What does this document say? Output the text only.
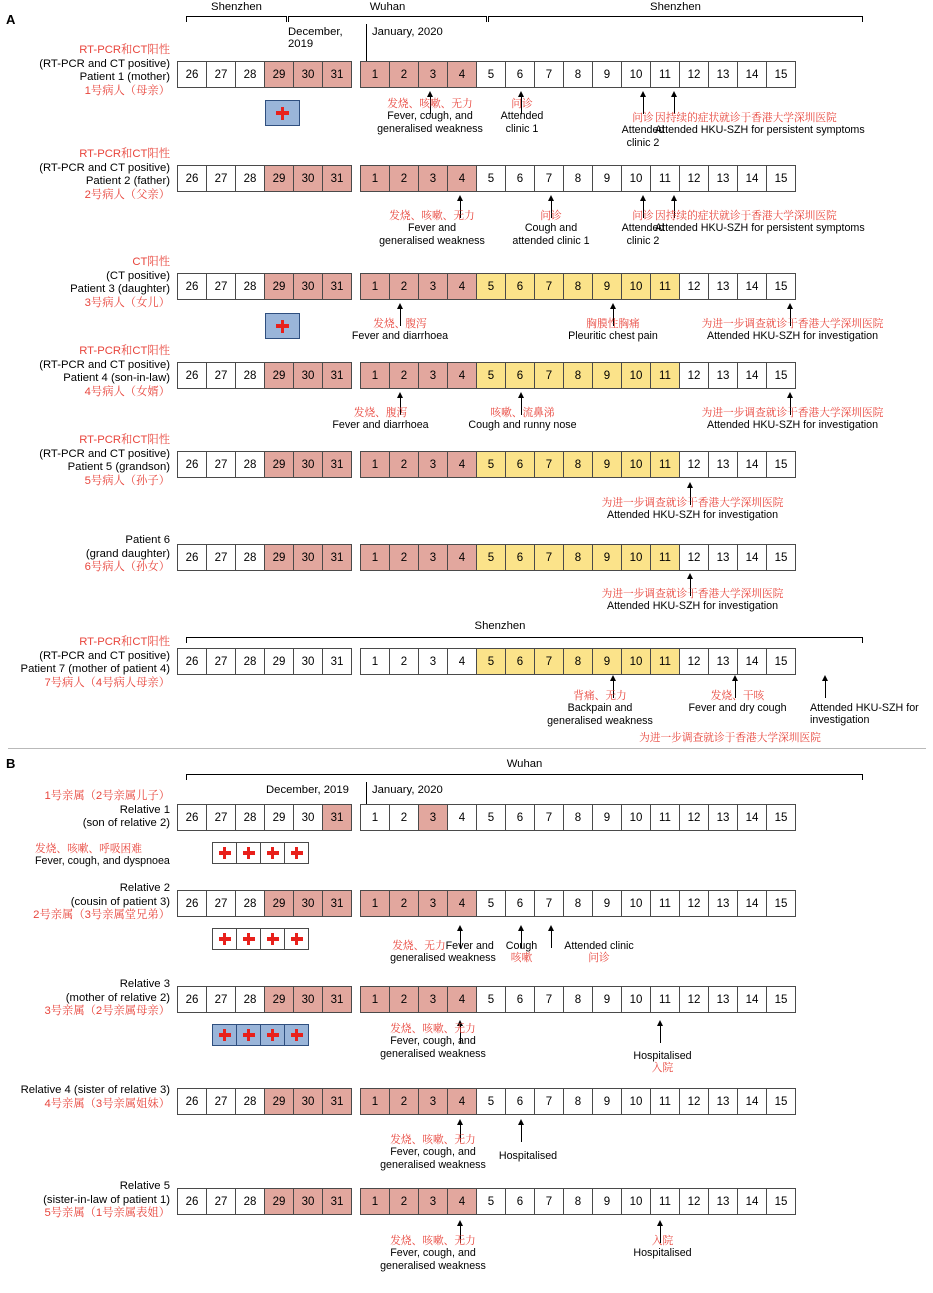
A
Shenzhen	Wuhan	Shenzhen
December,
2019
January, 2020
RT-PCR和CT阳性
(RT-PCR and CT positive)
Patient 1 (mother)
1号病人（母亲）
26	27	28	29	30	31	1	2	3	4	5	6	7	8	9	10	11	12	13	14	15
发烧、咳嗽、无力
Fever, cough, and
generalised weakness
问诊
Attended
clinic 1
问诊
Attended
clinic 2
因持续的症状就诊于香港大学深圳医院
Attended HKU-SZH for persistent symptoms
RT-PCR和CT阳性
(RT-PCR and CT positive)
Patient 2 (father)
2号病人（父亲）
26	27	28	29	30	31	1	2	3	4	5	6	7	8	9	10	11	12	13	14	15
发烧、咳嗽、无力
Fever and
generalised weakness
问诊
Cough and
attended clinic 1
问诊
Attended
clinic 2
因持续的症状就诊于香港大学深圳医院
Attended HKU-SZH for persistent symptoms
CT阳性
(CT positive)
Patient 3 (daughter)
3号病人（女儿）
26	27	28	29	30	31	1	2	3	4	5	6	7	8	9	10	11	12	13	14	15
发烧、腹泻
Fever and diarrhoea
胸膜性胸痛
Pleuritic chest pain
为进一步调查就诊于香港大学深圳医院
Attended HKU-SZH for investigation
RT-PCR和CT阳性
(RT-PCR and CT positive)
Patient 4 (son-in-law)
4号病人（女婿）
26	27	28	29	30	31	1	2	3	4	5	6	7	8	9	10	11	12	13	14	15
发烧、腹泻
Fever and diarrhoea
咳嗽、流鼻涕
Cough and runny nose
为进一步调查就诊于香港大学深圳医院
Attended HKU-SZH for investigation
RT-PCR和CT阳性
(RT-PCR and CT positive)
Patient 5 (grandson)
5号病人（孙子）
26	27	28	29	30	31	1	2	3	4	5	6	7	8	9	10	11	12	13	14	15
为进一步调查就诊于香港大学深圳医院
Attended HKU-SZH for investigation
Patient 6
(grand daughter)
6号病人（孙女）
26	27	28	29	30	31	1	2	3	4	5	6	7	8	9	10	11	12	13	14	15
为进一步调查就诊于香港大学深圳医院
Attended HKU-SZH for investigation
Shenzhen
RT-PCR和CT阳性
(RT-PCR and CT positive)
Patient 7 (mother of patient 4)
7号病人（4号病人母亲）
26	27	28	29	30	31	1	2	3	4	5	6	7	8	9	10	11	12	13	14	15
背痛、无力
Backpain and
generalised weakness
发烧、干咳
Fever and dry cough	Attended HKU-SZH for
investigation
为进一步调查就诊于香港大学深圳医院
B	Wuhan
December, 2019	January, 2020
1号亲属（2号亲属儿子）
Relative 1
(son of relative 2)	26	27	28	29	30	31	1	2	3	4	5	6	7	8	9	10	11	12	13	14	15
发烧、咳嗽、呼吸困难
Fever, cough, and dyspnoea
Relative 2
(cousin of patient 3)
2号亲属（3号亲属堂兄弟）
26	27	28	29	30	31	1	2	3	4	5	6	7	8	9	10	11	12	13	14	15
发烧、无力Fever and
generalised weakness
Cough
咳嗽
Attended clinic
问诊
Relative 3
(mother of relative 2)
3号亲属（2号亲属母亲）
26	27	28	29	30	31	1	2	3	4	5	6	7	8	9	10	11	12	13	14	15
发烧、咳嗽、无力
Fever, cough, and
generalised weakness	Hospitalised
入院
Relative 4 (sister of relative 3)
4号亲属（3号亲属姐妹）	26	27	28	29	30	31	1	2	3	4	5	6	7	8	9	10	11	12	13	14	15
发烧、咳嗽、无力
Fever, cough, and
generalised weakness
Hospitalised
Relative 5
(sister-in-law of patient 1)
5号亲属（1号亲属表姐）
26	27	28	29	30	31	1	2	3	4	5	6	7	8	9	10	11	12	13	14	15
发烧、咳嗽、无力
Fever, cough, and
generalised weakness
入院
Hospitalised
